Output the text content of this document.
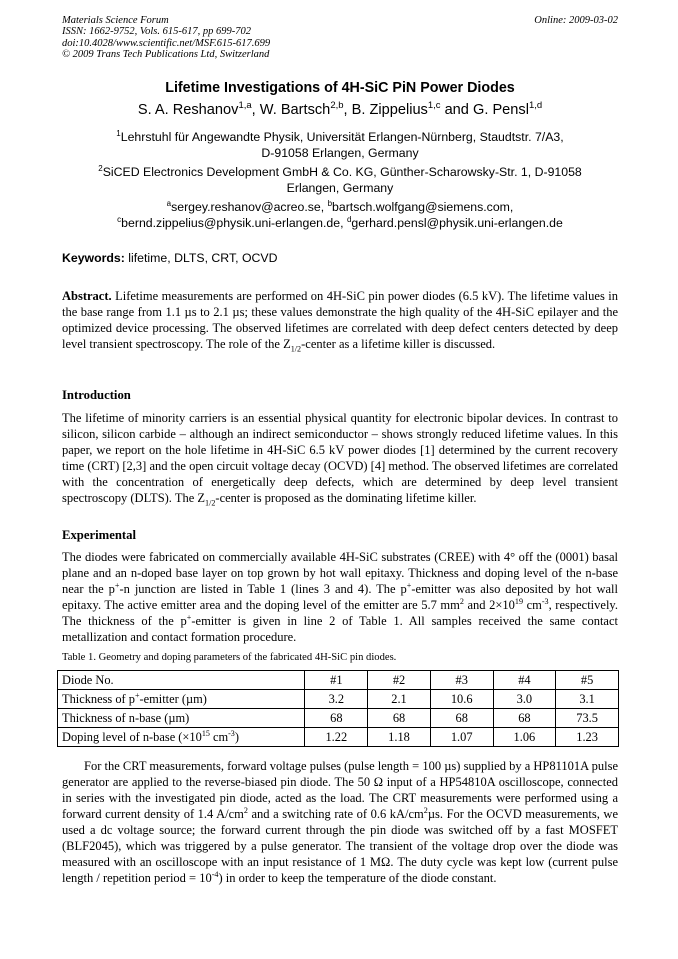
Materials Science Forum
ISSN: 1662-9752, Vols. 615-617, pp 699-702
doi:10.4028/www.scientific.net/MSF.615-617.699
© 2009 Trans Tech Publications Ltd, Switzerland
Online: 2009-03-02
Lifetime Investigations of 4H-SiC PiN Power Diodes
S. A. Reshanov$^{1,a}$, W. Bartsch$^{2,b}$, B. Zippelius$^{1,c}$ and G. Pensl$^{1,d}$
$^1$Lehrstuhl für Angewandte Physik, Universität Erlangen-Nürnberg, Staudtstr. 7/A3,
D-91058 Erlangen, Germany
$^2$SiCED Electronics Development GmbH & Co. KG, Günther-Scharowsky-Str. 1, D-91058
Erlangen, Germany
$^a$sergey.reshanov@acreo.se, $^b$bartsch.wolfgang@siemens.com,
$^c$bernd.zippelius@physik.uni-erlangen.de, $^d$gerhard.pensl@physik.uni-erlangen.de
Keywords: lifetime, DLTS, CRT, OCVD
Abstract. Lifetime measurements are performed on 4H-SiC pin power diodes (6.5 kV). The lifetime values in the base range from 1.1 µs to 2.1 µs; these values demonstrate the high quality of the 4H-SiC epilayer and the optimized device processing. The observed lifetimes are correlated with deep defect centers detected by deep level transient spectroscopy. The role of the $Z_{1/2}$-center as a lifetime killer is discussed.
Introduction
The lifetime of minority carriers is an essential physical quantity for electronic bipolar devices. In contrast to silicon, silicon carbide – although an indirect semiconductor – shows strongly reduced lifetime values. In this paper, we report on the hole lifetime in 4H-SiC 6.5 kV power diodes [1] determined by the current recovery time (CRT) [2,3] and the open circuit voltage decay (OCVD) [4] method. The observed lifetimes are correlated with the concentration of energetically deep defects, which are determined by deep level transient spectroscopy (DLTS). The $Z_{1/2}$-center is proposed as the dominating lifetime killer.
Experimental
The diodes were fabricated on commercially available 4H-SiC substrates (CREE) with 4° off the (0001) basal plane and an n-doped base layer on top grown by hot wall epitaxy. Thickness and doping level of the n-base near the p+-n junction are listed in Table 1 (lines 3 and 4). The p+-emitter was also deposited by hot wall epitaxy. The active emitter area and the doping level of the emitter are 5.7 $mm^2$ and $2\times 10^{19}$ $cm^{-3}$, respectively. The thickness of the p+-emitter is given in line 2 of Table 1. All samples received the same contact metallization and contact formation procedure.
Table 1. Geometry and doping parameters of the fabricated 4H-SiC pin diodes.
Diode No.	#1	#2	#3	#4	#5
Thickness of p+-emitter (µm)	3.2	2.1	10.6	3.0	3.1
Thickness of n-base (µm)	68	68	68	68	73.5
Doping level of n-base ($\times 10^{15}$ $cm^{-3}$)	1.22	1.18	1.07	1.06	1.23
For the CRT measurements, forward voltage pulses (pulse length = 100 µs) supplied by a HP81101A pulse generator are applied to the reverse-biased pin diode. The 50 Ω input of a HP54810A oscilloscope, connected in series with the investigated pin diode, acted as the load. The CRT measurements were performed using a forward current density of 1.4 $A/cm^2$ and a switching rate of 0.6 $kA/cm^2\mu s$. For the OCVD measurements, we used a dc voltage source; the forward current through the pin diode was switched off by a fast MOSFET (BLF2045), which was triggered by a pulse generator. The transient of the voltage drop over the diode was measured with an oscilloscope with an input resistance of 1 MΩ. The duty cycle was kept low (current pulse length / repetition period = $10^{-4}$) in order to keep the temperature of the diode constant.
